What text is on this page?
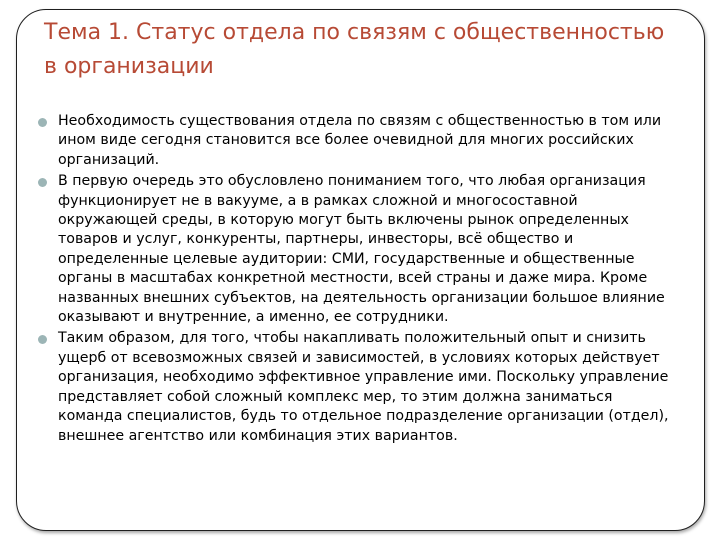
Тема 1. Статус отдела по связям с общественностью в организации
Необходимость существования отдела по связям с общественностью в том или ином виде сегодня становится все более очевидной для многих российских организаций.
В первую очередь это обусловлено пониманием того, что любая организация функционирует не в вакууме, а в рамках сложной и многосоставной окружающей среды, в которую могут быть включены рынок определенных товаров и услуг, конкуренты, партнеры, инвесторы, всё общество и определенные целевые аудитории: СМИ, государственные и общественные органы в масштабах конкретной местности, всей страны и даже мира. Кроме названных внешних субъектов, на деятельность организации большое влияние оказывают и внутренние, а именно, ее сотрудники.
Таким образом, для того, чтобы накапливать положительный опыт и снизить ущерб от всевозможных связей и зависимостей, в условиях которых действует организация, необходимо эффективное управление ими. Поскольку управление представляет собой сложный комплекс мер, то этим должна заниматься команда специалистов, будь то отдельное подразделение организации (отдел), внешнее агентство или комбинация этих вариантов.
